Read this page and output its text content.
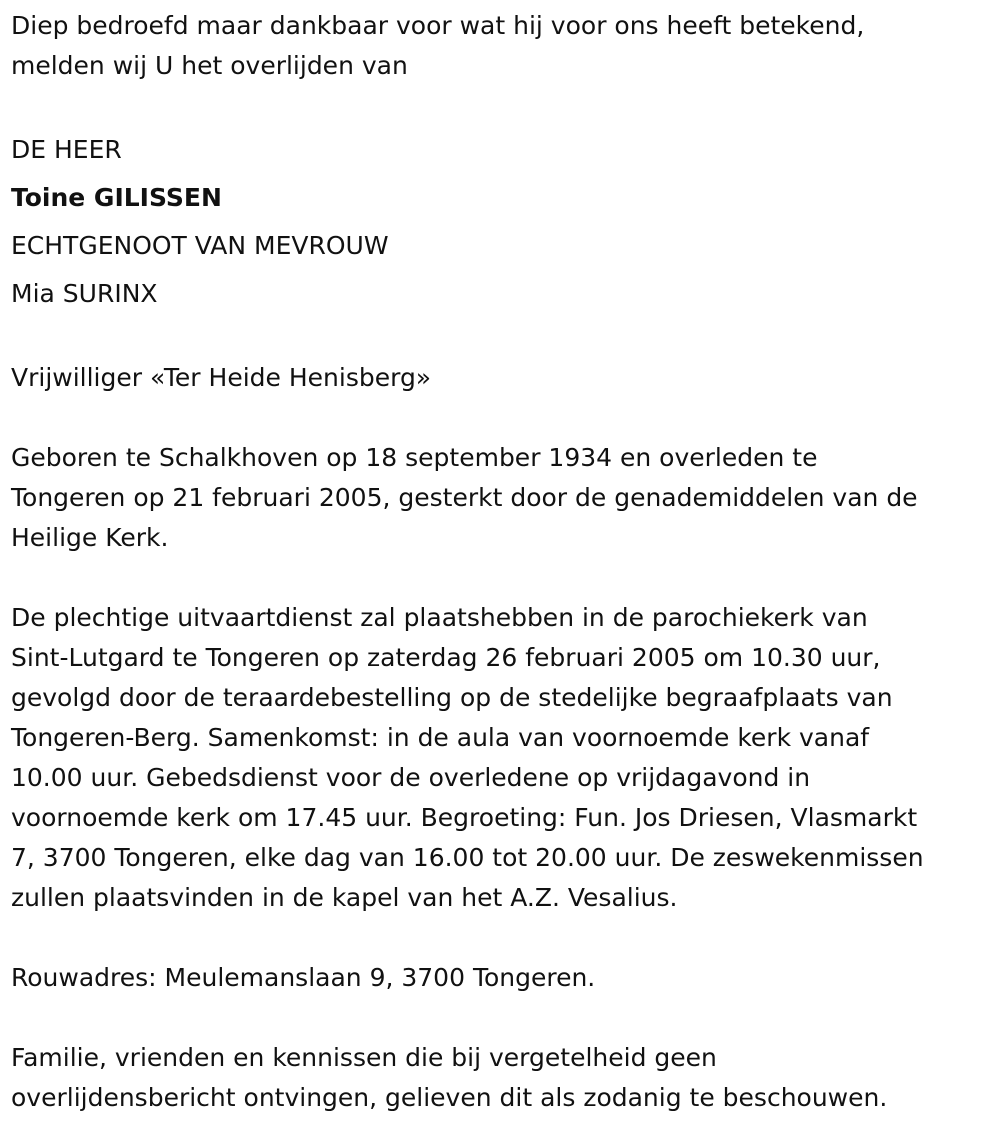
Diep bedroefd maar dankbaar voor wat hij voor ons heeft betekend,

melden wij U het overlijden van

DE HEER

Toine GILISSEN

ECHTGENOOT VAN MEVROUW

Mia SURINX

Vrijwilliger «Ter Heide Henisberg»

Geboren te Schalkhoven op 18 september 1934 en overleden te

Tongeren op 21 februari 2005, gesterkt door de genademiddelen van de

Heilige Kerk.

De plechtige uitvaartdienst zal plaatshebben in de parochiekerk van

Sint-Lutgard te Tongeren op zaterdag 26 februari 2005 om 10.30 uur,

gevolgd door de teraardebestelling op de stedelijke begraafplaats van

Tongeren-Berg. Samenkomst: in de aula van voornoemde kerk vanaf

10.00 uur. Gebedsdienst voor de overledene op vrijdagavond in

voornoemde kerk om 17.45 uur. Begroeting: Fun. Jos Driesen, Vlasmarkt

7, 3700 Tongeren, elke dag van 16.00 tot 20.00 uur. De zeswekenmissen

zullen plaatsvinden in de kapel van het A.Z. Vesalius.

Rouwadres: Meulemanslaan 9, 3700 Tongeren.

Familie, vrienden en kennissen die bij vergetelheid geen

overlijdensbericht ontvingen, gelieven dit als zodanig te beschouwen.
